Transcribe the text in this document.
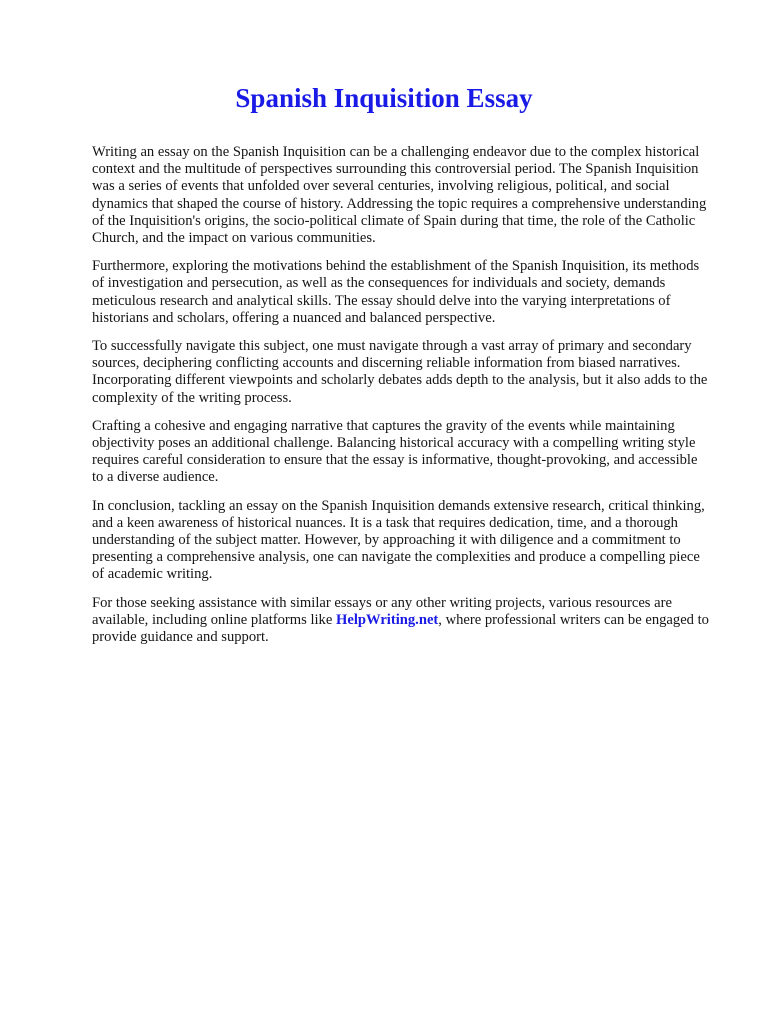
Spanish Inquisition Essay

Writing an essay on the Spanish Inquisition can be a challenging endeavor due to the complex historical context and the multitude of perspectives surrounding this controversial period. The Spanish Inquisition was a series of events that unfolded over several centuries, involving religious, political, and social dynamics that shaped the course of history. Addressing the topic requires a comprehensive understanding of the Inquisition's origins, the socio-political climate of Spain during that time, the role of the Catholic Church, and the impact on various communities.

Furthermore, exploring the motivations behind the establishment of the Spanish Inquisition, its methods of investigation and persecution, as well as the consequences for individuals and society, demands meticulous research and analytical skills. The essay should delve into the varying interpretations of historians and scholars, offering a nuanced and balanced perspective.

To successfully navigate this subject, one must navigate through a vast array of primary and secondary sources, deciphering conflicting accounts and discerning reliable information from biased narratives. Incorporating different viewpoints and scholarly debates adds depth to the analysis, but it also adds to the complexity of the writing process.

Crafting a cohesive and engaging narrative that captures the gravity of the events while maintaining objectivity poses an additional challenge. Balancing historical accuracy with a compelling writing style requires careful consideration to ensure that the essay is informative, thought-provoking, and accessible to a diverse audience.

In conclusion, tackling an essay on the Spanish Inquisition demands extensive research, critical thinking, and a keen awareness of historical nuances. It is a task that requires dedication, time, and a thorough understanding of the subject matter. However, by approaching it with diligence and a commitment to presenting a comprehensive analysis, one can navigate the complexities and produce a compelling piece of academic writing.

For those seeking assistance with similar essays or any other writing projects, various resources are available, including online platforms like HelpWriting.net, where professional writers can be engaged to provide guidance and support.
